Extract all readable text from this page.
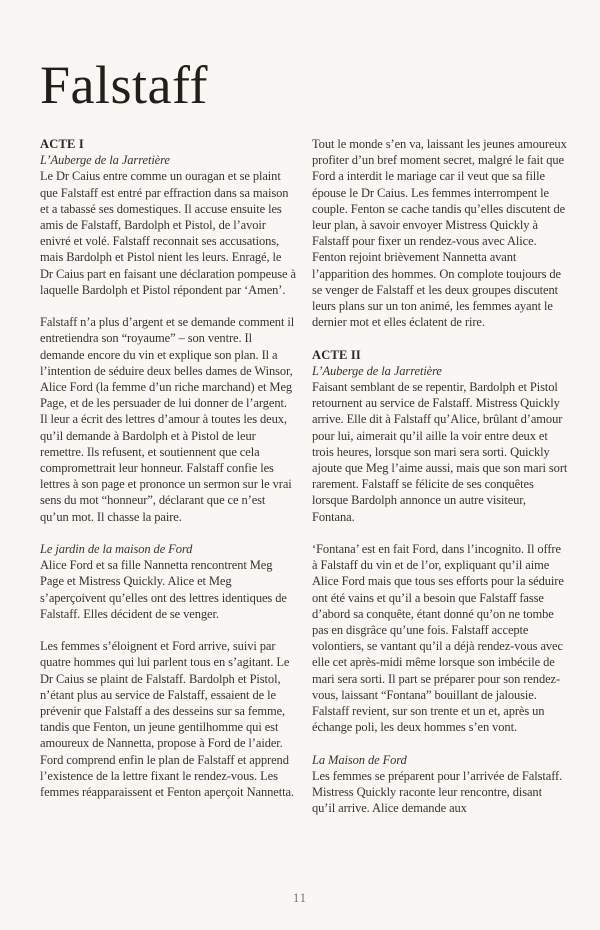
Falstaff
ACTE I
L’Auberge de la Jarretière

Le Dr Caius entre comme un ouragan et se plaint que Falstaff est entré par effraction dans sa maison et a tabassé ses domestiques. Il accuse ensuite les amis de Falstaff, Bardolph et Pistol, de l’avoir enivré et volé. Falstaff reconnait ses accusations, mais Bardolph et Pistol nient les leurs. Enragé, le Dr Caius part en faisant une déclaration pompeuse à laquelle Bardolph et Pistol répondent par ‘Amen’.

Falstaff n’a plus d’argent et se demande comment il entretiendra son “royaume” – son ventre. Il demande encore du vin et explique son plan. Il a l’intention de séduire deux belles dames de Winsor, Alice Ford (la femme d’un riche marchand) et Meg Page, et de les persuader de lui donner de l’argent. Il leur a écrit des lettres d’amour à toutes les deux, qu’il demande à Bardolph et à Pistol de leur remettre. Ils refusent, et soutiennent que cela compromettrait leur honneur. Falstaff confie les lettres à son page et prononce un sermon sur le vrai sens du mot “honneur”, déclarant que ce n’est qu’un mot. Il chasse la paire.

Le jardin de la maison de Ford

Alice Ford et sa fille Nannetta rencontrent Meg Page et Mistress Quickly. Alice et Meg s’aperçoivent qu’elles ont des lettres identiques de Falstaff. Elles décident de se venger.

Les femmes s’éloignent et Ford arrive, suivi par quatre hommes qui lui parlent tous en s’agitant. Le Dr Caius se plaint de Falstaff. Bardolph et Pistol, n’étant plus au service de Falstaff, essaient de le prévenir que Falstaff a des desseins sur sa femme, tandis que Fenton, un jeune gentilhomme qui est amoureux de Nannetta, propose à Ford de l’aider. Ford comprend enfin le plan de Falstaff et apprend l’existence de la lettre fixant le rendez-vous. Les femmes réapparaissent et Fenton aperçoit Nannetta.

Tout le monde s’en va, laissant les jeunes amoureux profiter d’un bref moment secret, malgré le fait que Ford a interdit le mariage car il veut que sa fille épouse le Dr Caius. Les femmes interrompent le couple. Fenton se cache tandis qu’elles discutent de leur plan, à savoir envoyer Mistress Quickly à Falstaff pour fixer un rendez-vous avec Alice. Fenton rejoint brièvement Nannetta avant l’apparition des hommes. On complote toujours de se venger de Falstaff et les deux groupes discutent leurs plans sur un ton animé, les femmes ayant le dernier mot et elles éclatent de rire.

ACTE II
L’Auberge de la Jarretière

Faisant semblant de se repentir, Bardolph et Pistol retournent au service de Falstaff. Mistress Quickly arrive. Elle dit à Falstaff qu’Alice, brûlant d’amour pour lui, aimerait qu’il aille la voir entre deux et trois heures, lorsque son mari sera sorti. Quickly ajoute que Meg l’aime aussi, mais que son mari sort rarement. Falstaff se félicite de ses conquêtes lorsque Bardolph annonce un autre visiteur, Fontana.

‘Fontana’ est en fait Ford, dans l’incognito. Il offre à Falstaff du vin et de l’or, expliquant qu’il aime Alice Ford mais que tous ses efforts pour la séduire ont été vains et qu’il a besoin que Falstaff fasse d’abord sa conquête, étant donné qu’on ne tombe pas en disgrâce qu’une fois. Falstaff accepte volontiers, se vantant qu’il a déjà rendez-vous avec elle cet après-midi même lorsque son imbécile de mari sera sorti. Il part se préparer pour son rendez-vous, laissant “Fontana” bouillant de jalousie. Falstaff revient, sur son trente et un et, après un échange poli, les deux hommes s’en vont.

La Maison de Ford

Les femmes se préparent pour l’arrivée de Falstaff. Mistress Quickly raconte leur rencontre, disant qu’il arrive. Alice demande aux

11
